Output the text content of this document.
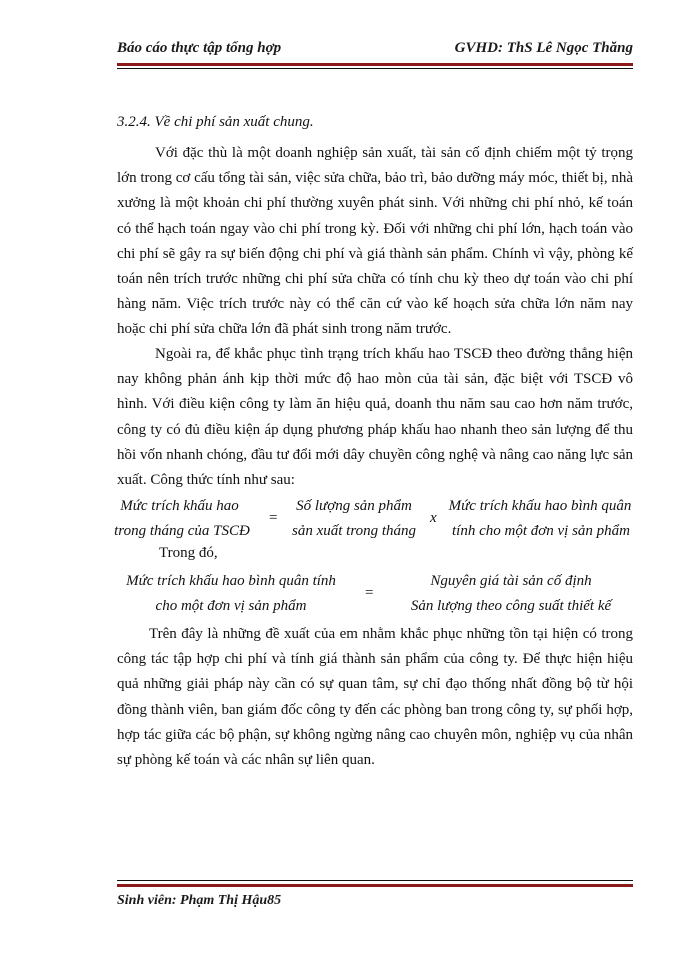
Báo cáo thực tập tổng hợp	GVHD: ThS Lê Ngọc Thăng
3.2.4. Về chi phí sản xuất chung.

Với đặc thù là một doanh nghiệp sản xuất, tài sản cố định chiếm một tỷ trọng lớn trong cơ cấu tổng tài sản, việc sửa chữa, bảo trì, bảo dưỡng máy móc, thiết bị, nhà xưởng là một khoản chi phí thường xuyên phát sinh. Với những chi phí nhỏ, kế toán có thể hạch toán ngay vào chi phí trong kỳ. Đối với những chi phí lớn, hạch toán vào chi phí sẽ gây ra sự biến động chi phí và giá thành sản phẩm. Chính vì vậy, phòng kế toán nên trích trước những chi phí sửa chữa có tính chu kỳ theo dự toán vào chi phí hàng năm. Việc trích trước này có thể căn cứ vào kế hoạch sửa chữa lớn năm nay hoặc chi phí sửa chữa lớn đã phát sinh trong năm trước.

Ngoài ra, để khắc phục tình trạng trích khấu hao TSCĐ theo đường thẳng hiện nay không phản ánh kịp thời mức độ hao mòn của tài sản, đặc biệt với TSCĐ vô hình. Với điều kiện công ty làm ăn hiệu quả, doanh thu năm sau cao hơn năm trước, công ty có đủ điều kiện áp dụng phương pháp khấu hao nhanh theo sản lượng để thu hồi vốn nhanh chóng, đầu tư đổi mới dây chuyền công nghệ và nâng cao năng lực sản xuất. Công thức tính như sau:

Mức trích khấu hao
trong tháng của TSCĐ
=
Số lượng sản phẩm
sản xuất trong tháng
x
Mức trích khấu hao bình quân
tính cho một đơn vị sản phẩm
Trong đó,
Mức trích khấu hao bình quân tính
cho một đơn vị sản phẩm
=
Nguyên giá tài sản cố định
Sản lượng theo công suất thiết kế

Trên đây là những đề xuất của em nhằm khắc phục những tồn tại hiện có trong công tác tập hợp chi phí và tính giá thành sản phẩm của công ty. Để thực hiện hiệu quả những giải pháp này cần có sự quan tâm, sự chỉ đạo thống nhất đồng bộ từ hội đồng thành viên, ban giám đốc công ty đến các phòng ban trong công ty, sự phối hợp, hợp tác giữa các bộ phận, sự không ngừng nâng cao chuyên môn, nghiệp vụ của nhân sự phòng kế toán và các nhân sự liên quan.

Sinh viên: Phạm Thị Hậu85
